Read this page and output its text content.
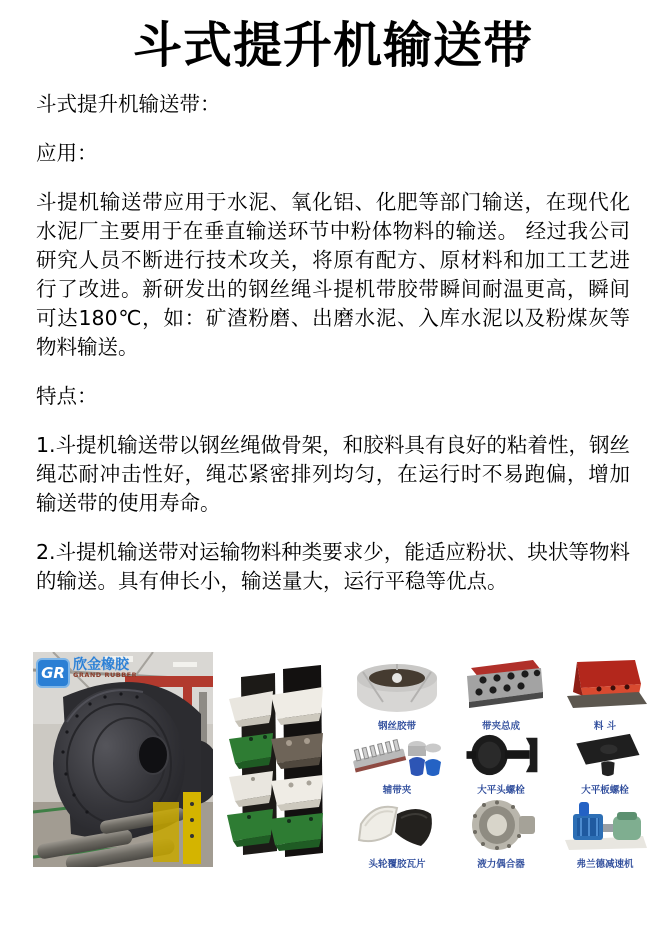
斗式提升机输送带

斗式提升机输送带：

应用：

斗提机输送带应用于水泥、氧化铝、化肥等部门输送，在现代化水泥厂主要用于在垂直输送环节中粉体物料的输送。 经过我公司研究人员不断进行技术攻关，将原有配方、原材料和加工工艺进行了改进。新研发出的钢丝绳斗提机带胶带瞬间耐温更高，瞬间可达180℃，如：矿渣粉磨、出磨水泥、入库水泥以及粉煤灰等物料输送。

特点：

1.斗提机输送带以钢丝绳做骨架，和胶料具有良好的粘着性，钢丝绳芯耐冲击性好，绳芯紧密排列均匀，在运行时不易跑偏，增加输送带的使用寿命。

2.斗提机输送带对运输物料种类要求少，能适应粉状、块状等物料的输送。具有伸长小，输送量大，运行平稳等优点。

GR 欣金橡胶
GRAND RUBBER
钢丝胶带	带夹总成	料 斗
辅带夹	大平头螺栓	大平板螺栓
头轮覆胶瓦片	液力偶合器	弗兰德减速机
